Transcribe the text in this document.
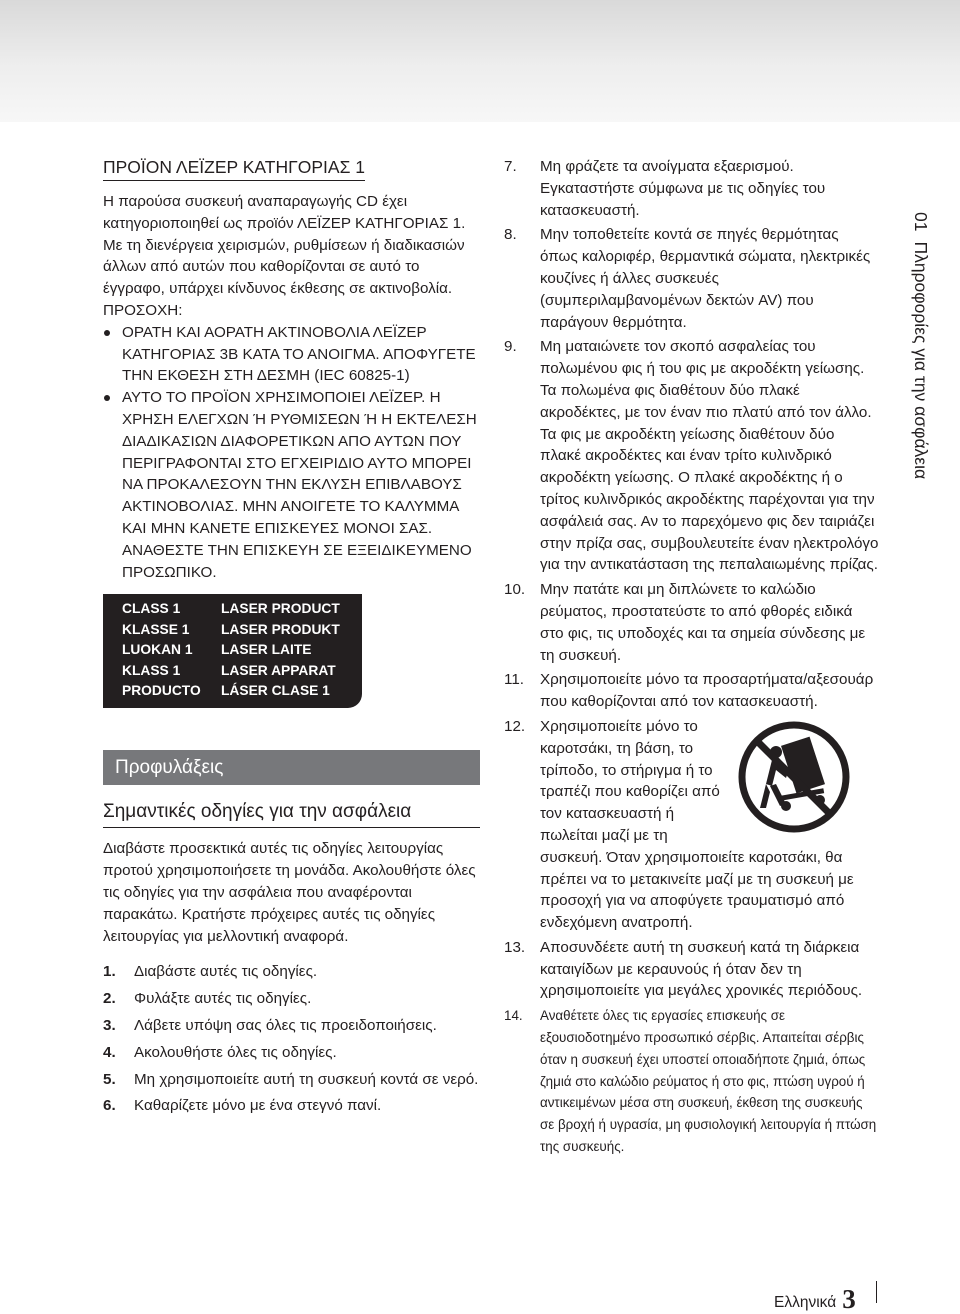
ΠΡΟΪΟΝ ΛΕΪΖΕΡ ΚΑΤΗΓΟΡΙΑΣ 1

Η παρούσα συσκευή αναπαραγωγής CD έχει κατηγοριοποιηθεί ως προϊόν ΛΕΪΖΕΡ ΚΑΤΗΓΟΡΙΑΣ 1. Με τη διενέργεια χειρισμών, ρυθμίσεων ή διαδικασιών άλλων από αυτών που καθορίζονται σε αυτό το έγγραφο, υπάρχει κίνδυνος έκθεσης σε ακτινοβολία.

ΠΡΟΣΟΧΗ:

ΟΡΑΤΗ ΚΑΙ ΑΟΡΑΤΗ ΑΚΤΙΝΟΒΟΛΙΑ ΛΕΪΖΕΡ ΚΑΤΗΓΟΡΙΑΣ 3Β ΚΑΤΑ ΤΟ ΑΝΟΙΓΜΑ. ΑΠΟΦΥΓΕΤΕ ΤΗΝ ΕΚΘΕΣΗ ΣΤΗ ΔΕΣΜΗ (IEC 60825-1)
ΑΥΤΟ ΤΟ ΠΡΟΪΟΝ ΧΡΗΣΙΜΟΠΟΙΕΙ ΛΕΪΖΕΡ. Η ΧΡΗΣΗ ΕΛΕΓΧΩΝ Ή ΡΥΘΜΙΣΕΩΝ Ή Η ΕΚΤΕΛΕΣΗ ΔΙΑΔΙΚΑΣΙΩΝ ΔΙΑΦΟΡΕΤΙΚΩΝ ΑΠΟ ΑΥΤΩΝ ΠΟΥ ΠΕΡΙΓΡΑΦΟΝΤΑΙ ΣΤΟ ΕΓΧΕΙΡΙΔΙΟ ΑΥΤΟ ΜΠΟΡΕΙ ΝΑ ΠΡΟΚΑΛΕΣΟΥΝ ΤΗΝ ΕΚΛΥΣΗ ΕΠΙΒΛΑΒΟΥΣ ΑΚΤΙΝΟΒΟΛΙΑΣ. ΜΗΝ ΑΝΟΙΓΕΤΕ ΤΟ ΚΑΛΥΜΜΑ ΚΑΙ ΜΗΝ ΚΑΝΕΤΕ ΕΠΙΣΚΕΥΕΣ ΜΟΝΟΙ ΣΑΣ. ΑΝΑΘΕΣΤΕ ΤΗΝ ΕΠΙΣΚΕΥΗ ΣΕ ΕΞΕΙΔΙΚΕΥΜΕΝΟ ΠΡΟΣΩΠΙΚΟ.
CLASS 1	LASER PRODUCT
KLASSE 1	LASER PRODUKT
LUOKAN 1	LASER LAITE
KLASS 1	LASER APPARAT
PRODUCTO	LÁSER CLASE 1
Προφυλάξεις
Σημαντικές οδηγίες για την ασφάλεια

Διαβάστε προσεκτικά αυτές τις οδηγίες λειτουργίας προτού χρησιμοποιήσετε τη μονάδα. Ακολουθήστε όλες τις οδηγίες για την ασφάλεια που αναφέρονται παρακάτω. Κρατήστε πρόχειρες αυτές τις οδηγίες λειτουργίας για μελλοντική αναφορά.

1. Διαβάστε αυτές τις οδηγίες.
2. Φυλάξτε αυτές τις οδηγίες.
3. Λάβετε υπόψη σας όλες τις προειδοποιήσεις.
4. Ακολουθήστε όλες τις οδηγίες.
5. Μη χρησιμοποιείτε αυτή τη συσκευή κοντά σε νερό.
6. Καθαρίζετε μόνο με ένα στεγνό πανί.
7. Μη φράζετε τα ανοίγματα εξαερισμού. Εγκαταστήστε σύμφωνα με τις οδηγίες του κατασκευαστή.
8. Μην τοποθετείτε κοντά σε πηγές θερμότητας όπως καλοριφέρ, θερμαντικά σώματα, ηλεκτρικές κουζίνες ή άλλες συσκευές (συμπεριλαμβανομένων δεκτών AV) που παράγουν θερμότητα.
9. Μη ματαιώνετε τον σκοπό ασφαλείας του πολωμένου φις ή του φις με ακροδέκτη γείωσης. Τα πολωμένα φις διαθέτουν δύο πλακέ ακροδέκτες, με τον έναν πιο πλατύ από τον άλλο. Τα φις με ακροδέκτη γείωσης διαθέτουν δύο πλακέ ακροδέκτες και έναν τρίτο κυλινδρικό ακροδέκτη γείωσης. Ο πλακέ ακροδέκτης ή ο τρίτος κυλινδρικός ακροδέκτης παρέχονται για την ασφάλειά σας. Αν το παρεχόμενο φις δεν ταιριάζει στην πρίζα σας, συμβουλευτείτε έναν ηλεκτρολόγο για την αντικατάσταση της πεπαλαιωμένης πρίζας.
10. Μην πατάτε και μη διπλώνετε το καλώδιο ρεύματος, προστατεύστε το από φθορές ειδικά στο φις, τις υποδοχές και τα σημεία σύνδεσης με τη συσκευή.
11. Χρησιμοποιείτε μόνο τα προσαρτήματα/αξεσουάρ που καθορίζονται από τον κατασκευαστή.
12. Χρησιμοποιείτε μόνο το καροτσάκι, τη βάση, το τρίποδο, το στήριγμα ή το τραπέζι που καθορίζει από τον κατασκευαστή ή πωλείται μαζί με τη
συσκευή. Όταν χρησιμοποιείτε καροτσάκι, θα πρέπει να το μετακινείτε μαζί με τη συσκευή με προσοχή για να αποφύγετε τραυματισμό από ενδεχόμενη ανατροπή.
13. Αποσυνδέετε αυτή τη συσκευή κατά τη διάρκεια καταιγίδων με κεραυνούς ή όταν δεν τη χρησιμοποιείτε για μεγάλες χρονικές περιόδους.
14. Αναθέτετε όλες τις εργασίες επισκευής σε εξουσιοδοτημένο προσωπικό σέρβις. Απαιτείται σέρβις όταν η συσκευή έχει υποστεί οποιαδήποτε ζημιά, όπως ζημιά στο καλώδιο ρεύματος ή στο φις, πτώση υγρού ή αντικειμένων μέσα στη συσκευή, έκθεση της συσκευής σε βροχή ή υγρασία, μη φυσιολογική λειτουργία ή πτώση της συσκευής.
01Πληροφορίες για την ασφάλεια
Ελληνικά 3
